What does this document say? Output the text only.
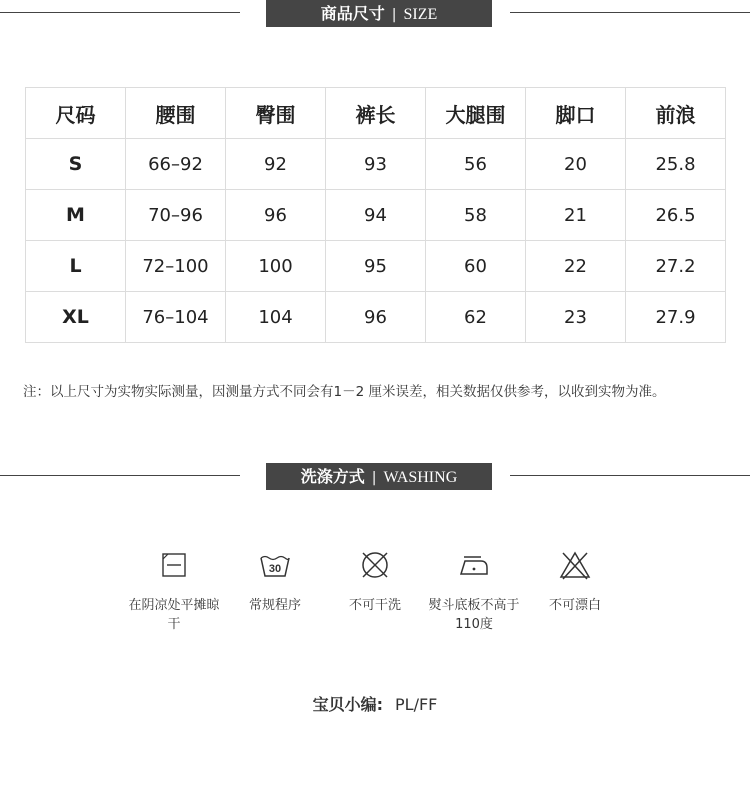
商品尺寸 | SIZE
尺码	腰围	臀围	裤长	大腿围	脚口	前浪
S	66–92	92	93	56	20	25.8
M	70–96	96	94	58	21	26.5
L	72–100	100	95	60	22	27.2
XL	76–104	104	96	62	23	27.9
注：以上尺寸为实物实际测量，因测量方式不同会有1－2 厘米误差，相关数据仅供参考，以收到实物为准。
洗涤方式 | WASHING
在阴凉处平摊晾干
30
常规程序	不可干洗	熨斗底板不高于110度
不可漂白
宝贝小编: PL/FF
